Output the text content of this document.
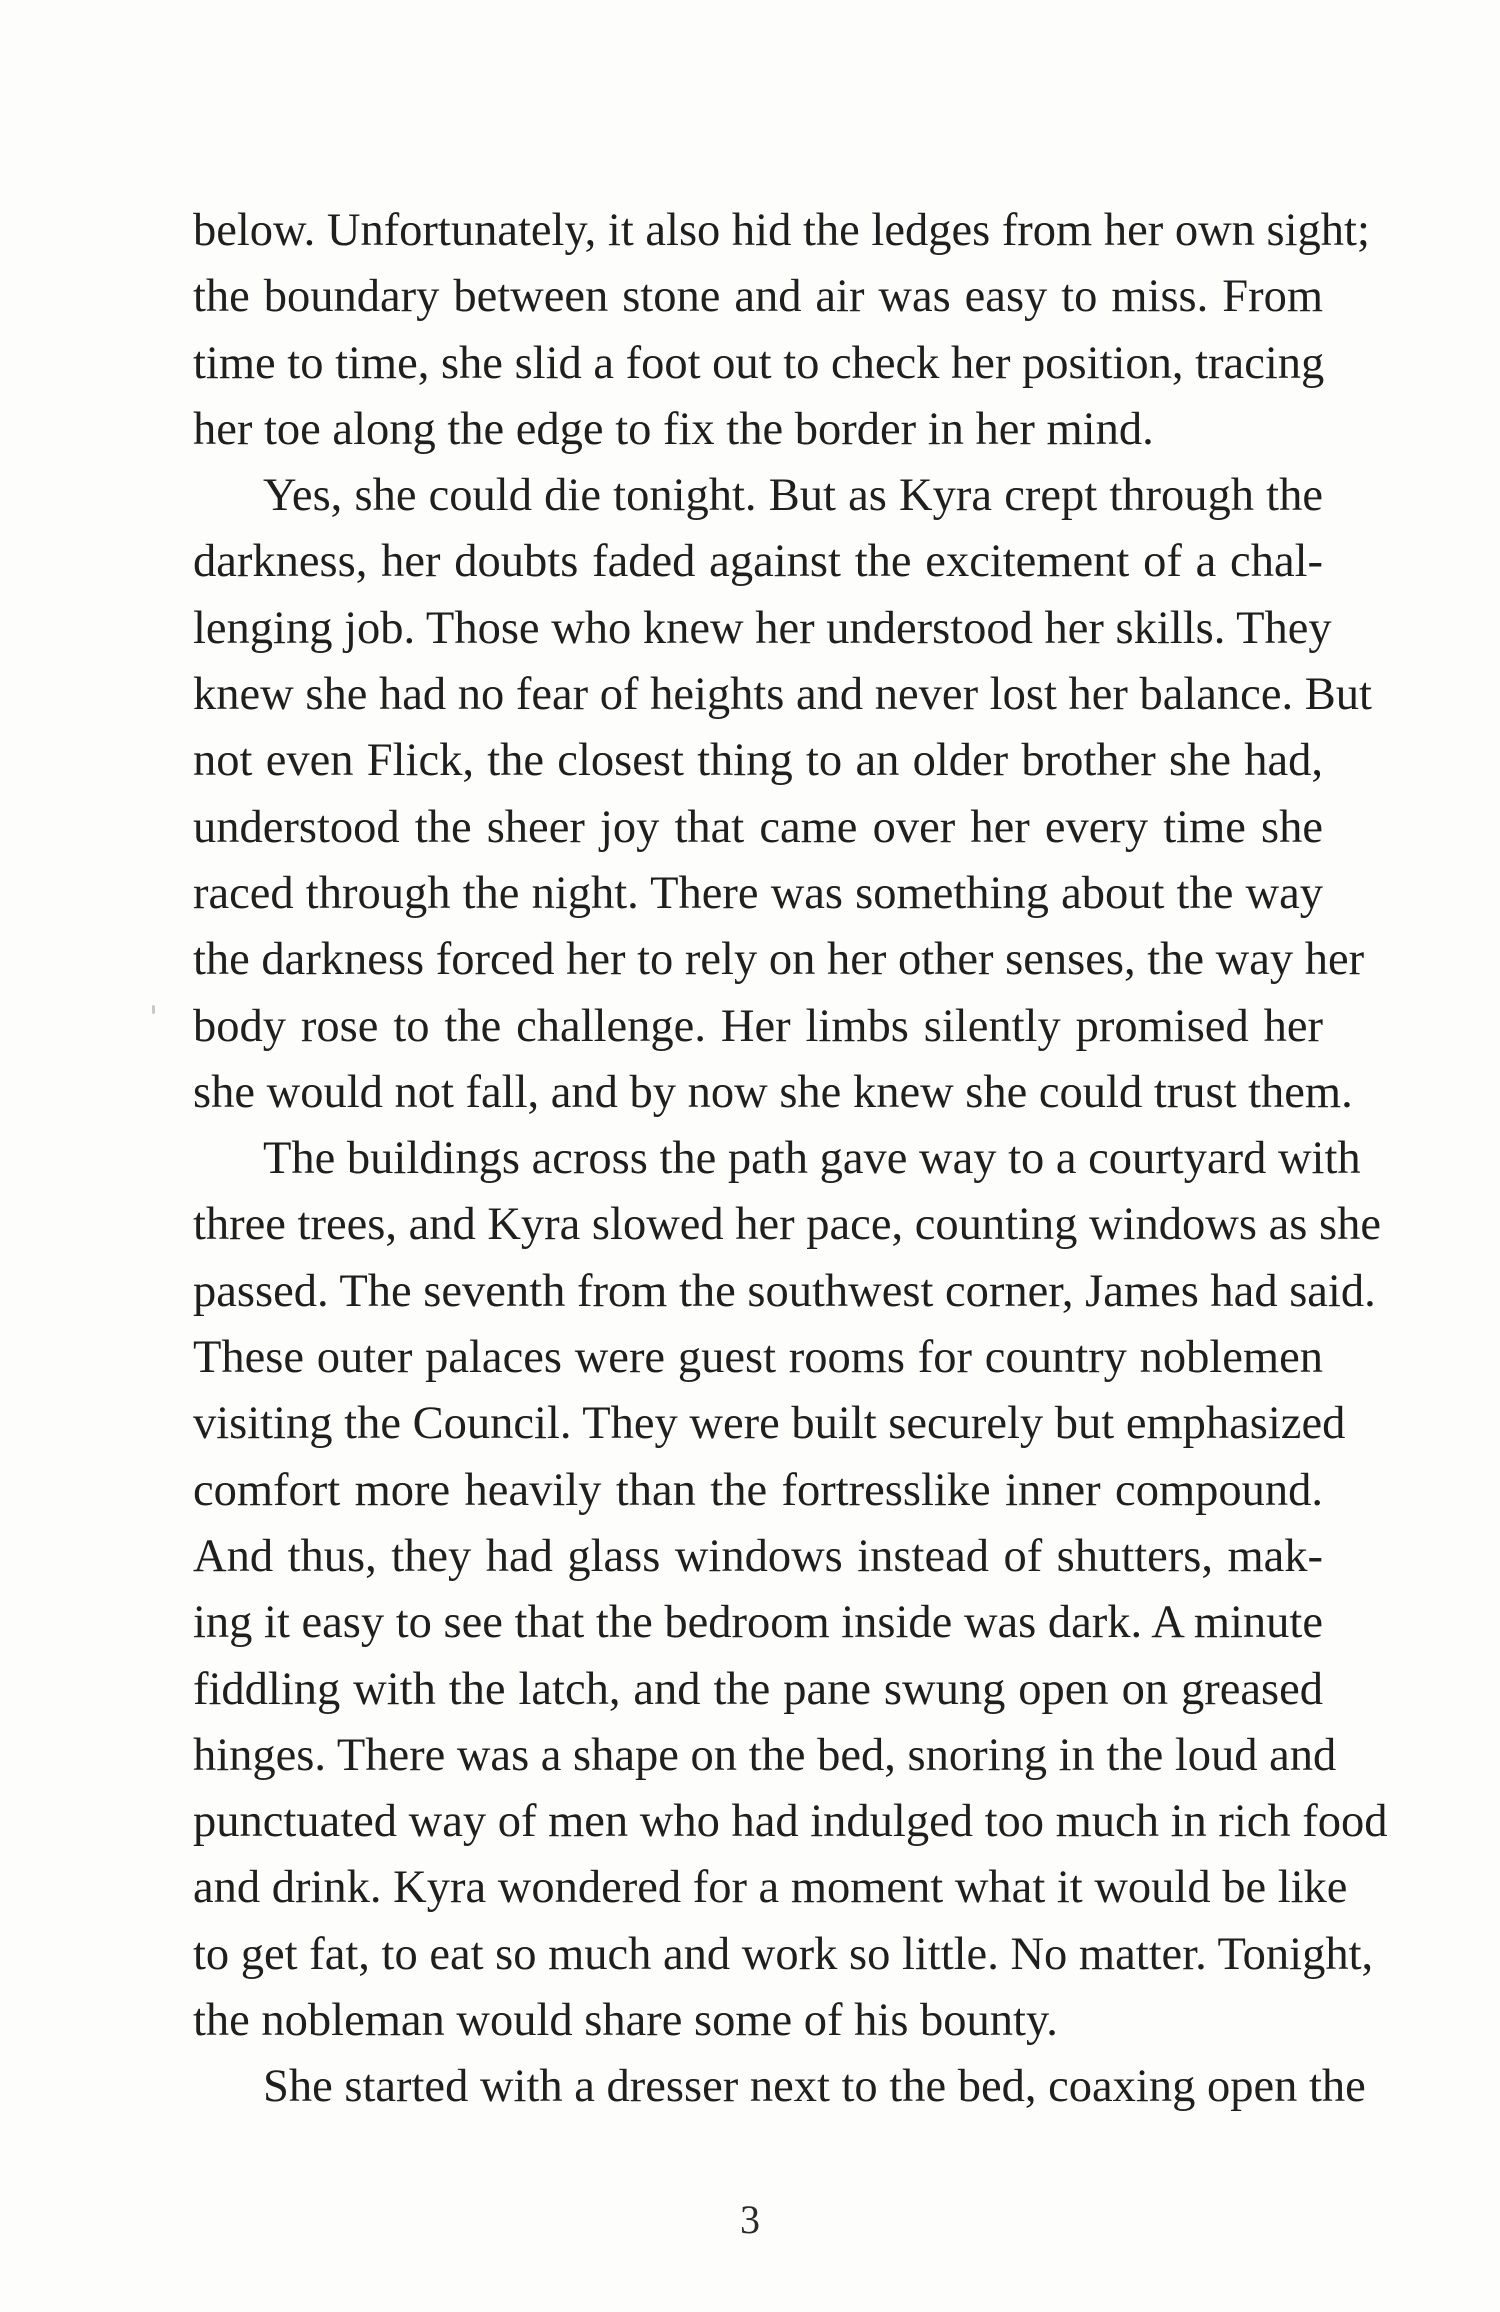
below. Unfortunately, it also hid the ledges from her own sight;
the boundary between stone and air was easy to miss. From
time to time, she slid a foot out to check her position, tracing
her toe along the edge to fix the border in her mind.
Yes, she could die tonight. But as Kyra crept through the
darkness, her doubts faded against the excitement of a chal-
lenging job. Those who knew her understood her skills. They
knew she had no fear of heights and never lost her balance. But
not even Flick, the closest thing to an older brother she had,
understood the sheer joy that came over her every time she
raced through the night. There was something about the way
the darkness forced her to rely on her other senses, the way her
body rose to the challenge. Her limbs silently promised her
she would not fall, and by now she knew she could trust them.
The buildings across the path gave way to a courtyard with
three trees, and Kyra slowed her pace, counting windows as she
passed. The seventh from the southwest corner, James had said.
These outer palaces were guest rooms for country noblemen
visiting the Council. They were built securely but emphasized
comfort more heavily than the fortresslike inner compound.
And thus, they had glass windows instead of shutters, mak-
ing it easy to see that the bedroom inside was dark. A minute
fiddling with the latch, and the pane swung open on greased
hinges. There was a shape on the bed, snoring in the loud and
punctuated way of men who had indulged too much in rich food
and drink. Kyra wondered for a moment what it would be like
to get fat, to eat so much and work so little. No matter. Tonight,
the nobleman would share some of his bounty.
She started with a dresser next to the bed, coaxing open the
3
